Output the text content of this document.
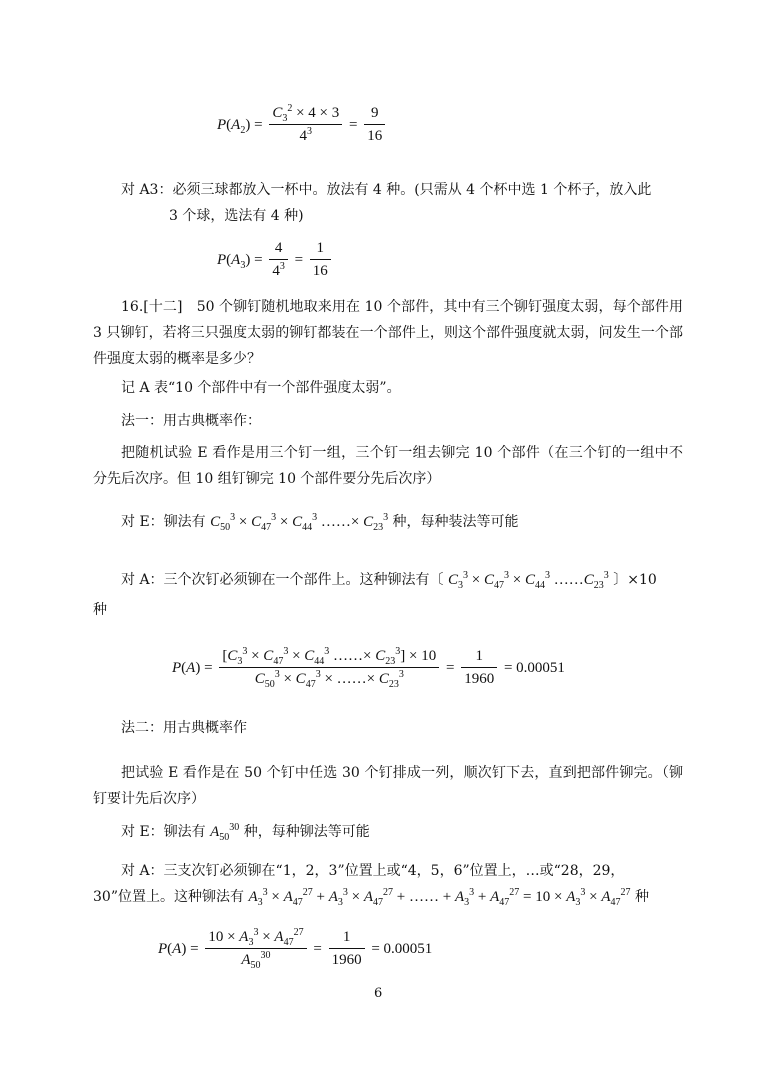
$P(A_2) = \frac{C_3^2 \times 4 \times 3}{4^3} = \frac{9}{16}$
对 A3：必须三球都放入一杯中。放法有 4 种。(只需从 4 个杯中选 1 个杯子，放入此
3 个球，选法有 4 种)
$P(A_3) = \frac{4}{4^3} = \frac{1}{16}$
16.[十二]　50 个铆钉随机地取来用在 10 个部件，其中有三个铆钉强度太弱，每个部件用 3 只铆钉，若将三只强度太弱的铆钉都装在一个部件上，则这个部件强度就太弱，问发生一个部件强度太弱的概率是多少？
记 A 表“10 个部件中有一个部件强度太弱”。
法一：用古典概率作：
把随机试验 E 看作是用三个钉一组，三个钉一组去铆完 10 个部件（在三个钉的一组中不分先后次序。但 10 组钉铆完 10 个部件要分先后次序）
对 E：铆法有 $C_{50}^3 \times C_{47}^3 \times C_{44}^3$ ……× $C_{23}^3$ 种，每种装法等可能
对 A：三个次钉必须铆在一个部件上。这种铆法有〔 $C_3^3 \times C_{47}^3 \times C_{44}^3$ $\dots\dots C_{23}^3$ 〕×10
种
$P(A) = \frac{[C_3^3 \times C_{47}^3 \times C_{44}^3 \dots\dots\times C_{23}^3] \times 10}{C_{50}^3 \times C_{47}^3 \times \dots\dots\times C_{23}^3} = \frac{1}{1960} = 0.00051$
法二：用古典概率作
把试验 E 看作是在 50 个钉中任选 30 个钉排成一列，顺次钉下去，直到把部件铆完。（铆钉要计先后次序）
对 E：铆法有 $A_{50}^{30}$ 种，每种铆法等可能
对 A：三支次钉必须铆在“1，2，3”位置上或“4，5，6”位置上，…或“28，29，
30”位置上。这种铆法有 $A_3^3 \times A_{47}^{27} + A_3^3 \times A_{47}^{27}$ + …… + $A_3^3 + A_{47}^{27} = 10 \times A_3^3 \times A_{47}^{27}$ 种
$P(A) = \frac{10 \times A_3^3 \times A_{47}^{27}}{A_{50}^{30}} = \frac{1}{1960} = 0.00051$
6
